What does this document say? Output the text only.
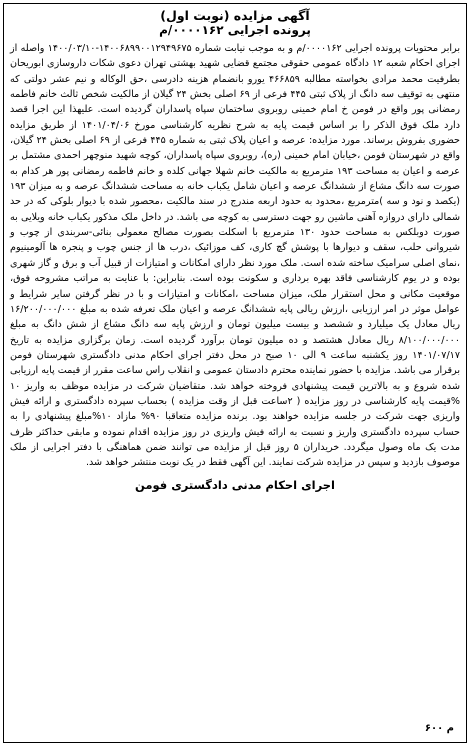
آگهی مزایده (نوبت اول)
پرونده اجرایی ۰۰۰۰۱۶۲/م
برابر محتویات پرونده اجرایی ۰۰۰۰۱۶۲/م و به موجب نیابت شماره ۱۴۰۰۶۸۹۹۰۰۱۲۹۴۹۶۷۵-۱۴۰۰/۰۳/۱۰ واصله از اجرای احکام شعبه ۱۲ دادگاه عمومی حقوقی مجتمع قضایی شهید بهشتی تهران دعوی شکات داروسازی ابوریحان بطرفیت محمد مرادی بخواسته مطالبه ۴۶۶۸۵۹ یورو بانضمام هزینه دادرسی ،حق الوکاله و نیم عشر دولتی که منتهی به توقیف سه دانگ از پلاک ثبتی ۴۴۵ فرعی از ۶۹ اصلی بخش ۲۴ گیلان از مالکیت شخص ثالث خانم فاطمه رمضانی پور واقع در فومن خ امام خمینی روبروی ساختمان سپاه پاسداران گردیده است. علیهذا این اجرا قصد دارد ملک فوق الذکر را بر اساس قیمت پایه به شرح نظریه کارشناسی مورخ ۱۴۰۱/۰۴/۰۶ از طریق مزایده حضوری بفروش برساند. مورد مزایده: عرصه و اعیان پلاک ثبتی به شماره ۴۴۵ فرعی از ۶۹ اصلی بخش ۲۴ گیلان، واقع در شهرستان فومن ،خیابان امام خمینی (ره)، روبروی سپاه پاسداران، کوچه شهید منوچهر احمدی مشتمل بر عرصه و اعیان به مساحت ۱۹۳ مترمربع به مالکیت خانم شهلا جهانی کلده و خانم فاطمه رمضانی پور هر کدام به صورت سه دانگ مشاع از ششدانگ عرصه و اعیان شامل یکباب خانه به مساحت ششدانگ عرصه و به میزان ۱۹۳ (یکصد و نود و سه )مترمربع ،محدود به حدود اربعه مندرج در سند مالکیت ،محصور شده با دیوار بلوکی که در حد شمالی دارای دروازه آهنی ماشین رو جهت دسترسی به کوچه می باشد. در داخل ملک مذکور یکباب خانه ویلایی به صورت دوبلکس به مساحت حدود ۱۳۰ مترمربع با اسکلت بصورت مصالح معمولی بنائی-سربندی از چوب و شیروانی حلب، سقف و دیوارها با پوشش گچ کاری، کف موزائیک ،درب ها از جنس چوب و پنجره ها آلومینیوم ،نمای اصلی سرامیک ساخته شده است. ملک مورد نظر دارای امکانات و امتیازات از قبیل آب و برق و گاز شهری بوده و در یوم کارشناسی فاقد بهره برداری و سکونت بوده است. بنابراین: با عنایت به مراتب مشروحه فوق، موقعیت مکانی و محل استقرار ملک، میزان مساحت ،امکانات و امتیازات و با در نظر گرفتن سایر شرایط و عوامل موثر در امر ارزیابی ،ارزش ریالی پایه ششدانگ عرصه و اعیان ملک تعرفه شده به مبلغ ۱۶/۲۰۰/۰۰۰/۰۰۰ ریال معادل یک میلیارد و ششصد و بیست میلیون تومان و ارزش پایه سه دانگ مشاع از شش دانگ به مبلغ ۸/۱۰۰/۰۰۰/۰۰۰ ریال معادل هشتصد و ده میلیون تومان برآورد گردیده است. زمان برگزاری مزایده به تاریخ ۱۴۰۱/۰۷/۱۷ روز یکشنبه ساعت ۹ الی ۱۰ صبح در محل دفتر اجرای احکام مدنی دادگستری شهرستان فومن برقرار می باشد. مزایده با حضور نماینده محترم دادستان عمومی و انقلاب راس ساعت مقرر از قیمت پایه ارزیابی شده شروع و به بالاترین قیمت پیشنهادی فروخته خواهد شد. متقاضیان شرکت در مزایده موظف به واریز ۱۰ %قیمت پایه کارشناسی در روز مزایده ( ۲ساعت قبل از وقت مزایده ) بحساب سپرده دادگستری و ارائه فیش واریزی جهت شرکت در جلسه مزایده خواهند بود. برنده مزایده متعاقبا ۹۰% مازاد ۱۰%مبلغ پیشنهادی را به حساب سپرده دادگستری واریز و نسبت به ارائه فیش واریزی در روز مزایده اقدام نموده و مابقی حداکثر ظرف مدت یک ماه وصول میگردد. خریداران ۵ روز قبل از مزایده می توانند ضمن هماهنگی با دفتر اجرایی از ملک موصوف بازدید و سپس در مزایده شرکت نمایند. این آگهی فقط در یک نوبت منتشر خواهد شد.
اجرای احکام مدنی دادگستری فومن
م ۶۰۰
